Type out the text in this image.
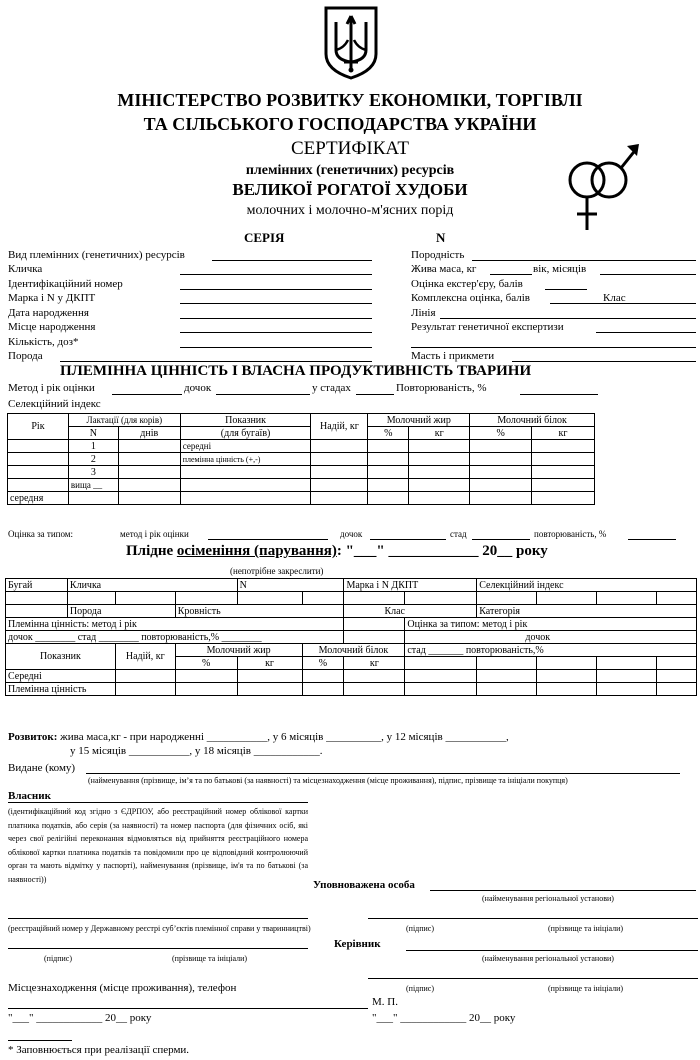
МІНІСТЕРСТВО РОЗВИТКУ ЕКОНОМІКИ, ТОРГІВЛІ
ТА СІЛЬСЬКОГО ГОСПОДАРСТВА УКРАЇНИ
СЕРТИФІКАТ
племінних (генетичних) ресурсів
ВЕЛИКОЇ РОГАТОЇ ХУДОБИ
молочних і молочно-м'ясних порід
СЕРІЯ	N
Вид племінних (генетичних) ресурсів
Кличка
Ідентифікаційний номер
Марка і N у ДКПТ
Дата народження
Місце народження
Кількість, доз*
Порода
Породність
Жива маса, кг	вік, місяців
Оцінка екстер'єру, балів
Комплексна оцінка, балів	Клас
Лінія
Результат генетичної експертизи
Масть і прикмети
ПЛЕМІННА ЦІННІСТЬ І ВЛАСНА ПРОДУКТИВНІСТЬ ТВАРИНИ
Метод і рік оцінки	дочок	у стадах	Повторюваність, %
Селекційний індекс
Рік	Лактації (для корів)		Показник	Надій, кг	Молочний жир		Молочний білок	
	N	днів	(для бугаїв)		%	кг	%	кг
	1		середні					
	2		племінна цінність (+,-)					
	3							
	вища __							
середня								
Оцінка за типом:	метод і рік оцінки	дочок	стад	повторюваність, %
Плідне осіменіння (парування): "___" ____________ 20__ року
(непотрібне закреслити)
Бугай	Кличка			N		Марка і N ДКПТ		Селекційний індекс			

	Порода		Кровність			Клас		Категорія			
Племінна цінність: метод і рік							Оцінка за типом: метод і рік				
дочок ________ стад ________ повторюваність,% ________							дочок				
Показник		Надій, кг	Молочний жир		Молочний білок		стад _______ повторюваність,%				
			%	кг	%	кг					
Середні											
Племінна цінність											
Розвиток: жива маса,кг - при народженні ___________, у 6 місяців __________, у 12 місяців ___________,
у 15 місяців ___________, у 18 місяців ____________.
Видане (кому)
(найменування (прізвище, ім’я та по батькові (за наявності) та місцезнаходження (місце проживання), підпис, прізвище та ініціали покупця)
Власник
(ідентифікаційний код згідно з ЄДРПОУ, або реєстраційний номер облікової картки платника податків, або серія (за наявності) та номер паспорта (для фізичних осіб, які через свої релігійні переконання відмовляться від прийняття реєстраційного номера облікової картки платника податків та повідомили про це відповідний контролюючий орган та мають відмітку у паспорті), найменування (прізвище, ім'я та по батькові (за наявності))	Уповноважена особа
(найменування регіональної установи)
(реєстраційний номер у Державному реєстрі суб’єктів племінної справи у тваринництві)	(підпис)	(прізвище та ініціали)
Керівник
(підпис)	(прізвище та ініціали)	(найменування регіональної установи)
Місцезнаходження (місце проживання), телефон	(підпис)	(прізвище та ініціали)
М. П.
"___" ____________ 20__ року	"___" ____________ 20__ року
* Заповнюється при реалізації сперми.
